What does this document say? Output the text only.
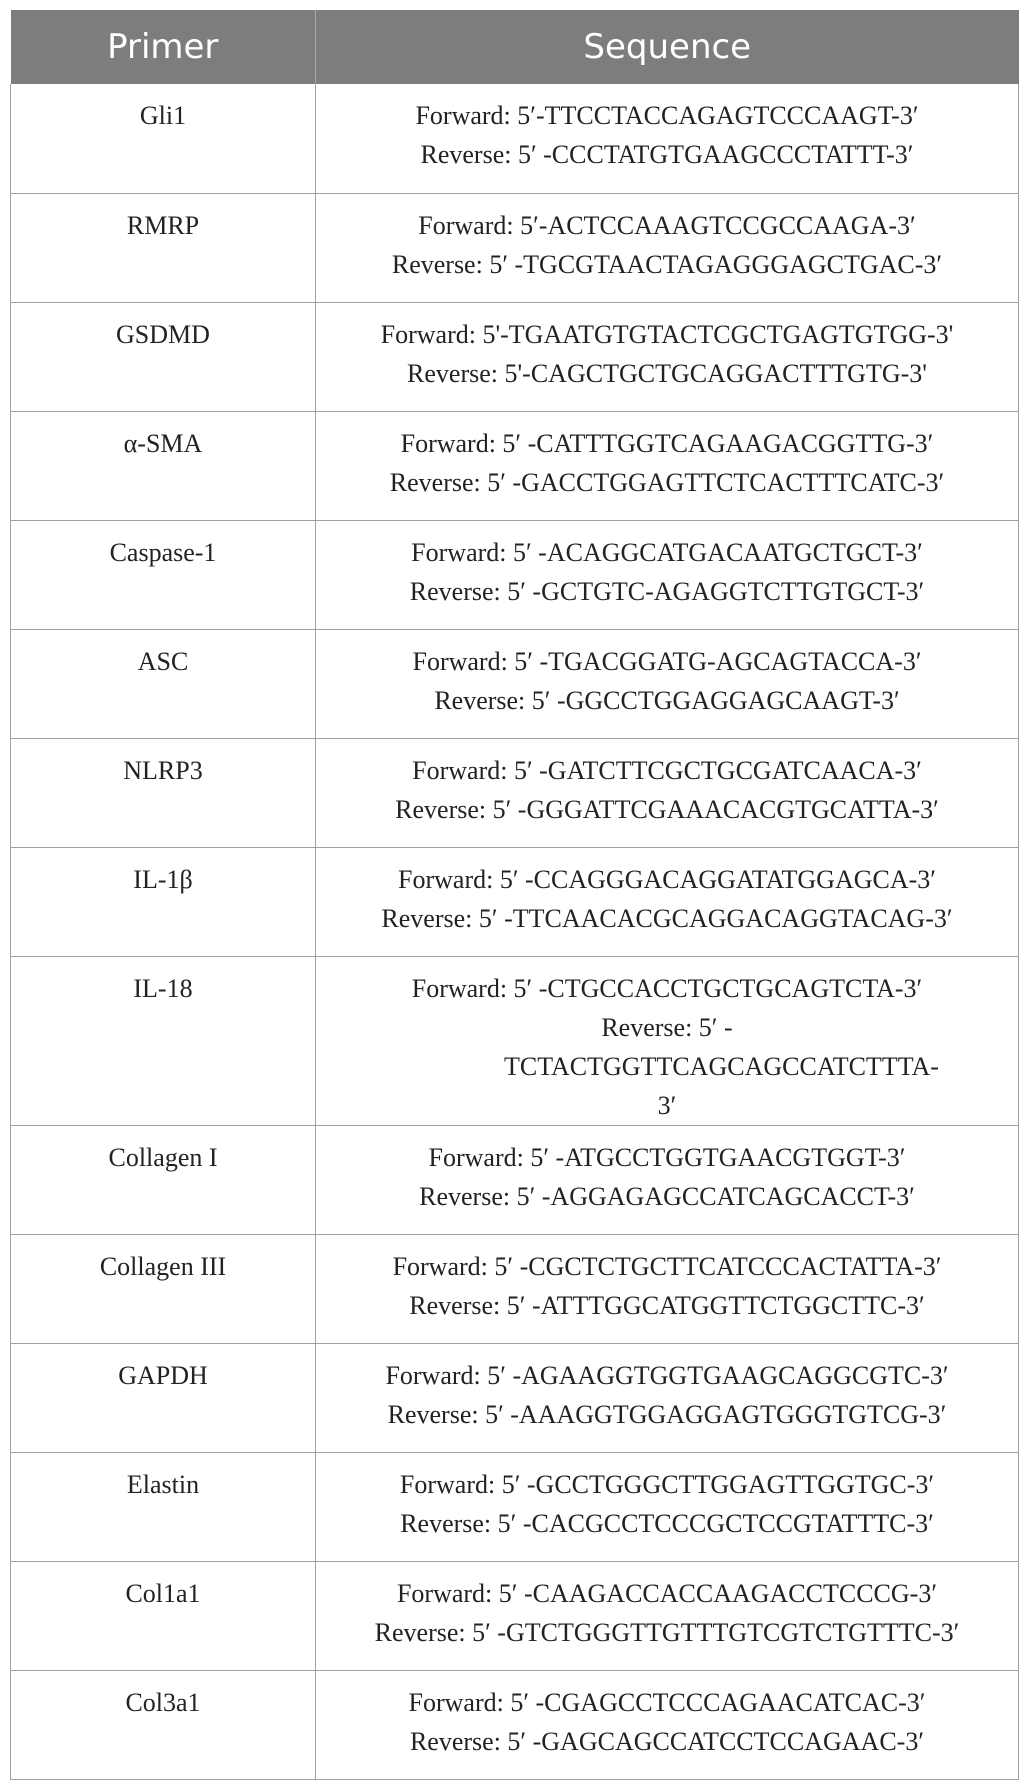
Primer	Sequence
Gli1	Forward: 5′-TTCCTACCAGAGTCCCAAGT-3′
Reverse: 5′ -CCCTATGTGAAGCCCTATTT-3′

RMRP	Forward: 5′-ACTCCAAAGTCCGCCAAGA-3′
Reverse: 5′ -TGCGTAACTAGAGGGAGCTGAC-3′

GSDMD	Forward: 5'-TGAATGTGTACTCGCTGAGTGTGG-3'
Reverse: 5'-CAGCTGCTGCAGGACTTTGTG-3'

α-SMA	Forward: 5′ -CATTTGGTCAGAAGACGGTTG-3′
Reverse: 5′ -GACCTGGAGTTCTCACTTTCATC-3′

Caspase-1	Forward: 5′ -ACAGGCATGACAATGCTGCT-3′
Reverse: 5′ -GCTGTC-AGAGGTCTTGTGCT-3′

ASC	Forward: 5′ -TGACGGATG-AGCAGTACCA-3′
Reverse: 5′ -GGCCTGGAGGAGCAAGT-3′

NLRP3	Forward: 5′ -GATCTTCGCTGCGATCAACA-3′
Reverse: 5′ -GGGATTCGAAACACGTGCATTA-3′

IL-1β	Forward: 5′ -CCAGGGACAGGATATGGAGCA-3′
Reverse: 5′ -TTCAACACGCAGGACAGGTACAG-3′

IL-18	Forward: 5′ -CTGCCACCTGCTGCAGTCTA-3′
Reverse: 5′ -TCTACTGGTTCAGCAGCCATCTTTA-3′

Collagen I	Forward: 5′ -ATGCCTGGTGAACGTGGT-3′
Reverse: 5′ -AGGAGAGCCATCAGCACCT-3′

Collagen III	Forward: 5′ -CGCTCTGCTTCATCCCACTATTA-3′
Reverse: 5′ -ATTTGGCATGGTTCTGGCTTC-3′

GAPDH	Forward: 5′ -AGAAGGTGGTGAAGCAGGCGTC-3′
Reverse: 5′ -AAAGGTGGAGGAGTGGGTGTCG-3′

Elastin	Forward: 5′ -GCCTGGGCTTGGAGTTGGTGC-3′
Reverse: 5′ -CACGCCTCCCGCTCCGTATTTC-3′

Col1a1	Forward: 5′ -CAAGACCACCAAGACCTCCCG-3′
Reverse: 5′ -GTCTGGGTTGTTTGTCGTCTGTTTC-3′

Col3a1	Forward: 5′ -CGAGCCTCCCAGAACATCAC-3′
Reverse: 5′ -GAGCAGCCATCCTCCAGAAC-3′
